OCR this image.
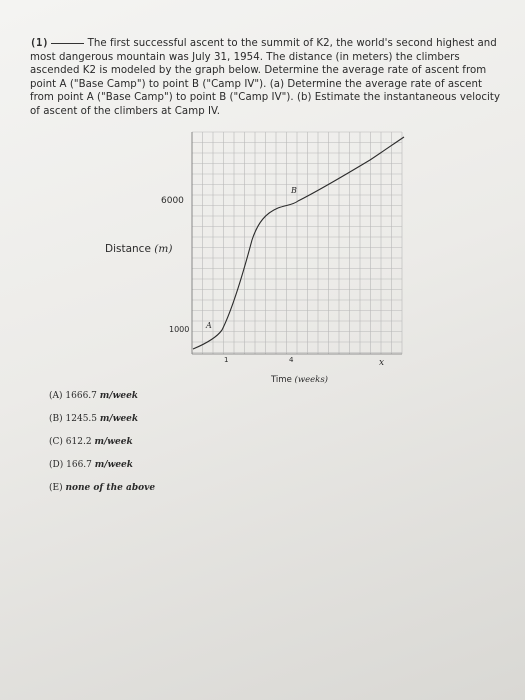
(1)	The first successful ascent to the summit of K2, the world's second highest and
most dangerous mountain was July 31, 1954. The distance (in meters) the climbers
ascended K2 is modeled by the graph below. Determine the average rate of ascent from
point A ("Base Camp") to point B ("Camp IV"). (a) Determine the average rate of ascent
from point A ("Base Camp") to point B ("Camp IV"). (b) Estimate the instantaneous velocity
of ascent of the climbers at Camp IV.
6000
1000
1	4	x
A
B
Distance (m)
Time (weeks)
(A) 1666.7 m/week
(B) 1245.5 m/week
(C) 612.2 m/week
(D) 166.7 m/week
(E) none of the above
